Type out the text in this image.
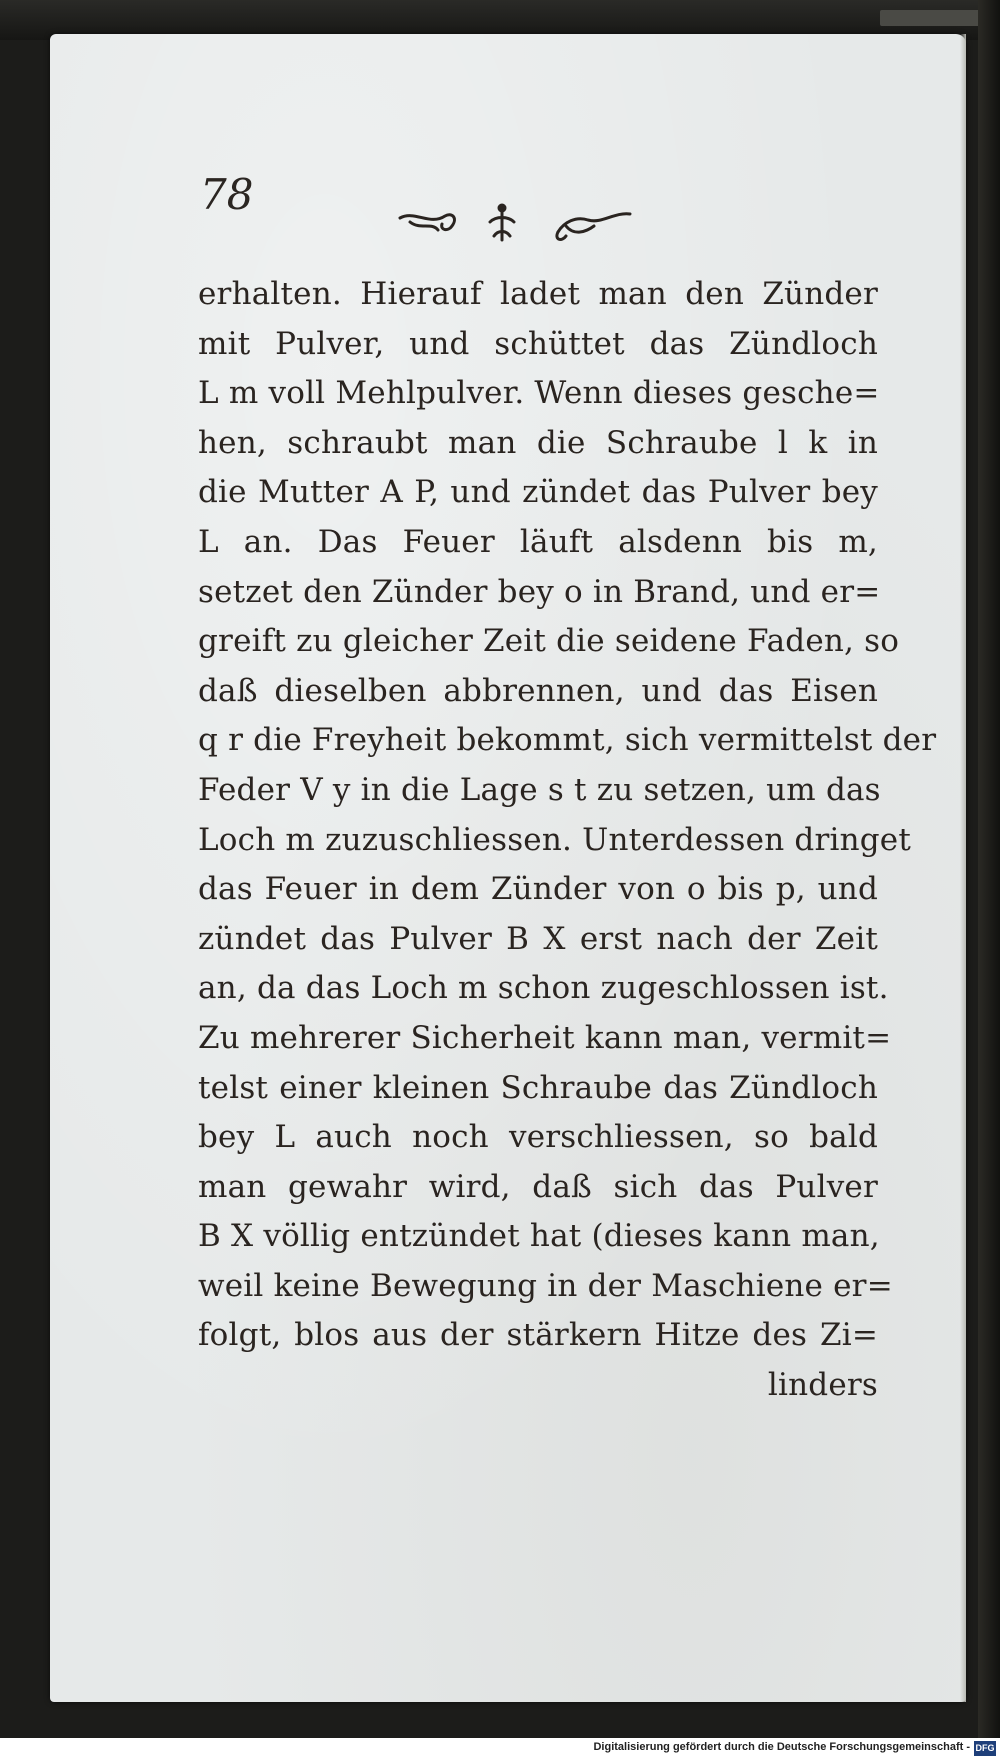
78
erhalten. Hierauf ladet man den Zünder
mit Pulver, und schüttet das Zündloch
L m voll Mehlpulver. Wenn dieses gesche=
hen, schraubt man die Schraube l k in
die Mutter A P, und zündet das Pulver bey
L an. Das Feuer läuft alsdenn bis m,
setzet den Zünder bey o in Brand, und er=
greift zu gleicher Zeit die seidene Faden, so
daß dieselben abbrennen, und das Eisen
q r die Freyheit bekommt, sich vermittelst der
Feder V y in die Lage s t zu setzen, um das
Loch m zuzuschliessen. Unterdessen dringet
das Feuer in dem Zünder von o bis p, und
zündet das Pulver B X erst nach der Zeit
an, da das Loch m schon zugeschlossen ist.
Zu mehrerer Sicherheit kann man, vermit=
telst einer kleinen Schraube das Zündloch
bey L auch noch verschliessen, so bald
man gewahr wird, daß sich das Pulver
B X völlig entzündet hat (dieses kann man,
weil keine Bewegung in der Maschiene er=
folgt, blos aus der stärkern Hitze des Zi=
linders
Digitalisierung gefördert durch die Deutsche Forschungsgemeinschaft - DFG
